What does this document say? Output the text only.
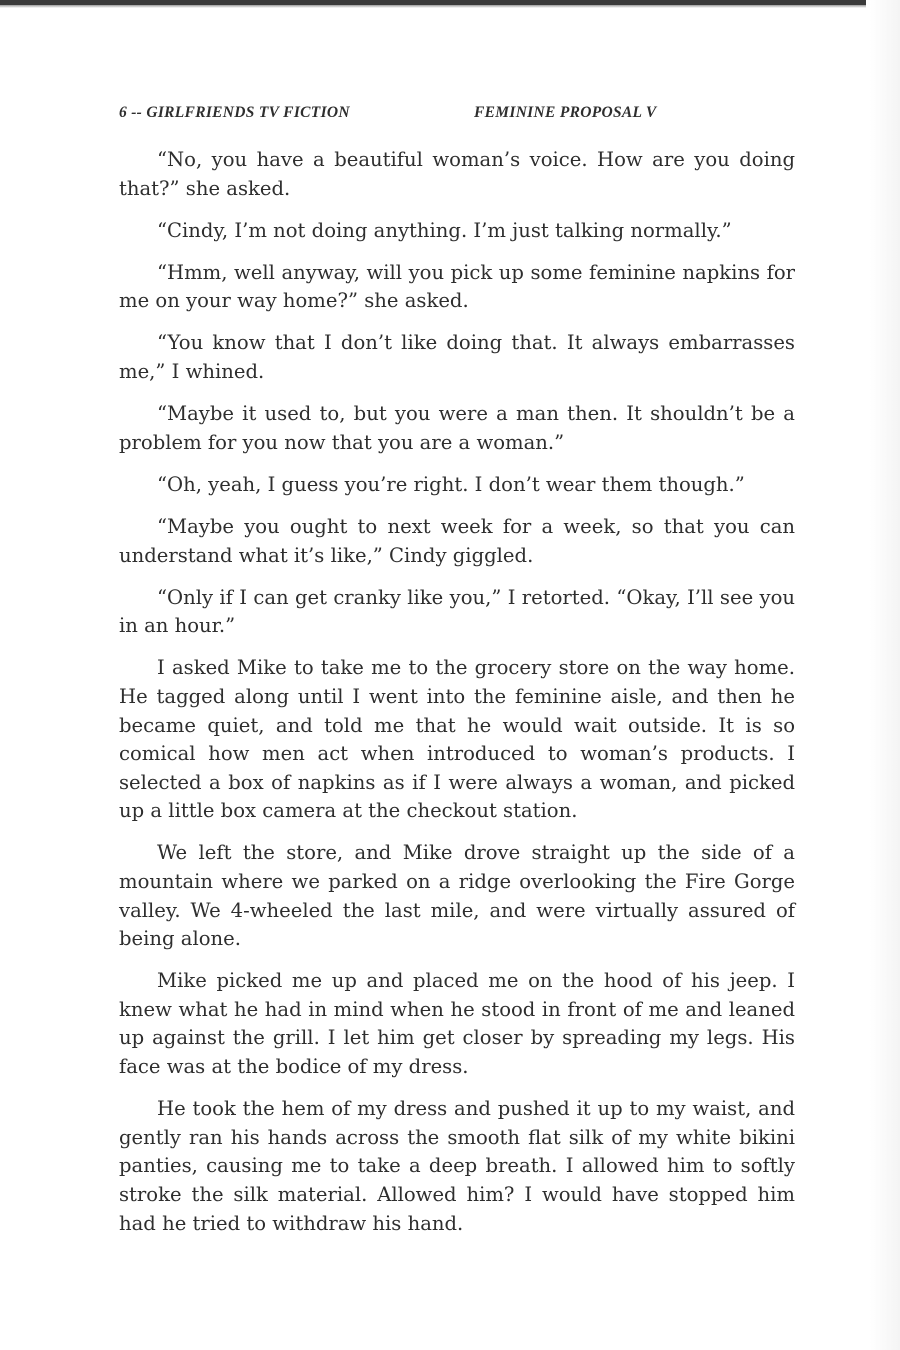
6 -- GIRLFRIENDS TV FICTION	FEMININE PROPOSAL V

“No, you have a beautiful woman’s voice. How are you doing that?” she asked.

“Cindy, I’m not doing anything. I’m just talking normally.”

“Hmm, well anyway, will you pick up some feminine napkins for me on your way home?” she asked.

“You know that I don’t like doing that. It always embarrasses me,” I whined.

“Maybe it used to, but you were a man then. It shouldn’t be a problem for you now that you are a woman.”

“Oh, yeah, I guess you’re right. I don’t wear them though.”

“Maybe you ought to next week for a week, so that you can understand what it’s like,” Cindy giggled.

“Only if I can get cranky like you,” I retorted. “Okay, I’ll see you in an hour.”

I asked Mike to take me to the grocery store on the way home. He tagged along until I went into the feminine aisle, and then he became quiet, and told me that he would wait outside. It is so comical how men act when introduced to woman’s products. I selected a box of napkins as if I were always a woman, and picked up a little box camera at the checkout station.

We left the store, and Mike drove straight up the side of a mountain where we parked on a ridge overlooking the Fire Gorge valley. We 4-wheeled the last mile, and were virtually assured of being alone.

Mike picked me up and placed me on the hood of his jeep. I knew what he had in mind when he stood in front of me and leaned up against the grill. I let him get closer by spreading my legs. His face was at the bodice of my dress.

He took the hem of my dress and pushed it up to my waist, and gently ran his hands across the smooth flat silk of my white bikini panties, causing me to take a deep breath. I allowed him to softly stroke the silk material. Allowed him? I would have stopped him had he tried to withdraw his hand.
